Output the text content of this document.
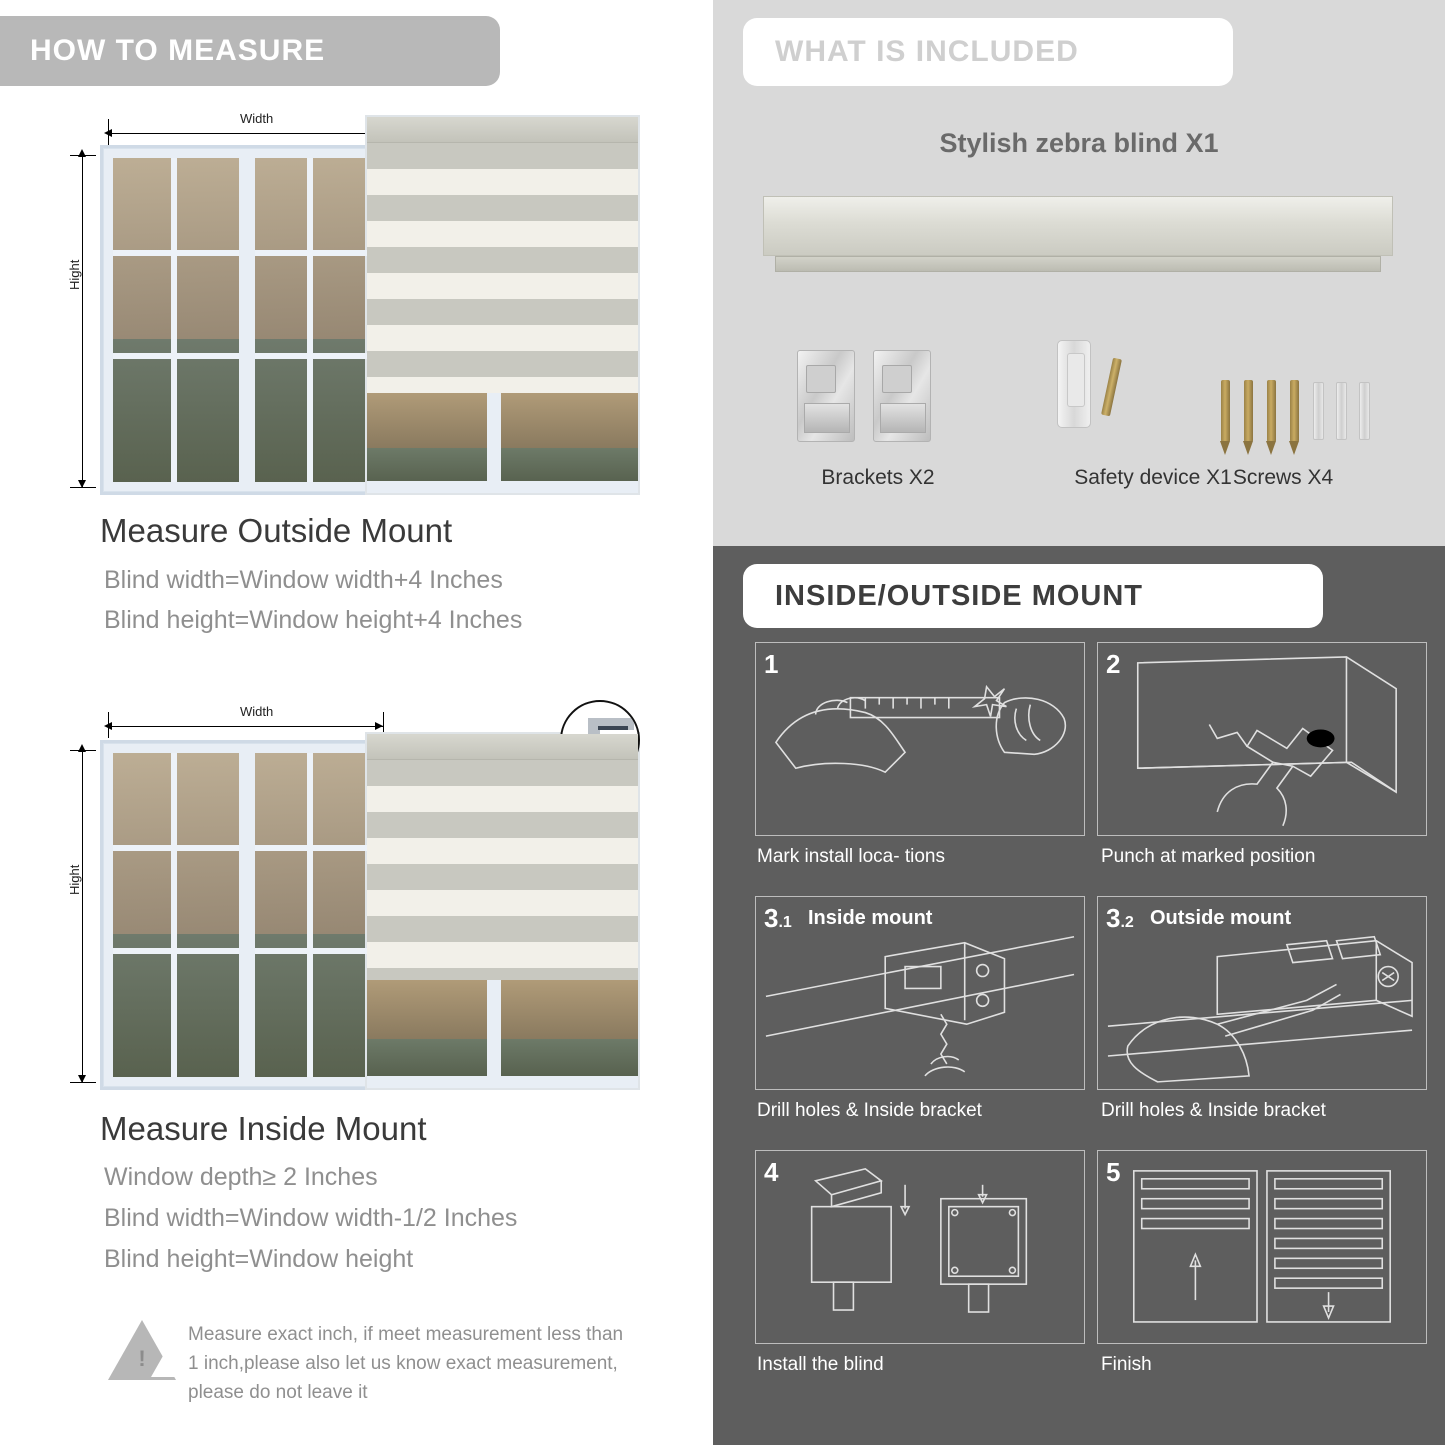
HOW TO MEASURE
Width
Hight
Measure Outside Mount
Blind width=Window width+4 Inches
Blind height=Window height+4 Inches
Width
Hight
Measure Inside Mount
Window depth≥ 2 Inches
Blind width=Window width-1/2 Inches
Blind height=Window height
!
Measure exact inch, if meet measurement less than 1 inch,please also let us know exact measurement, please do not leave it
WHAT IS INCLUDED
Stylish zebra blind X1
Brackets X2	Safety device X1 Screws X4
INSIDE/OUTSIDE MOUNT
1
Mark install loca- tions
2
Punch at marked position
3.1 Inside mount
Drill holes & Inside bracket
3.2 Outside mount
Drill holes & Inside bracket
4
Install the blind
5
Finish
